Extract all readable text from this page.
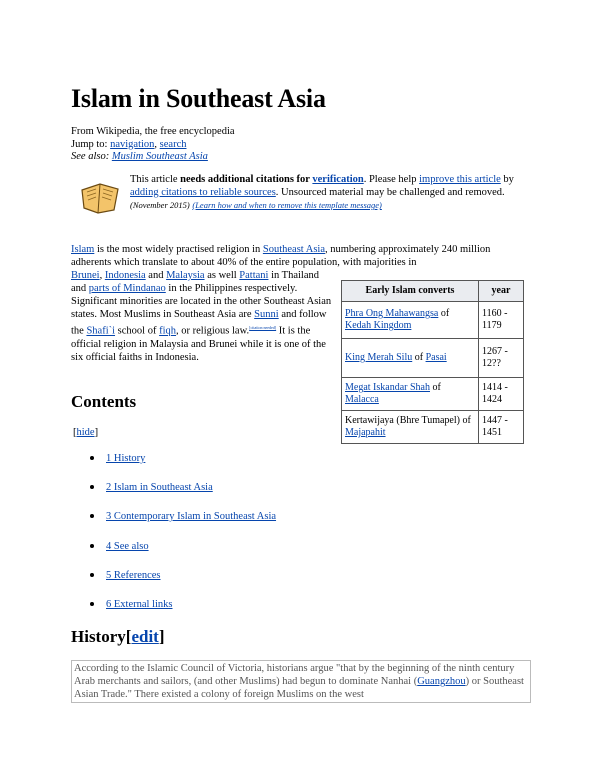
Islam in Southeast Asia
From Wikipedia, the free encyclopedia
Jump to: navigation, search
See also: Muslim Southeast Asia
This article needs additional citations for verification. Please help improve this article by adding citations to reliable sources. Unsourced material may be challenged and removed. (November 2015) (Learn how and when to remove this template message)
Islam is the most widely practised religion in Southeast Asia, numbering approximately 240 million adherents which translate to about 40% of the entire population, with majorities in
Brunei, Indonesia and Malaysia as well Pattani in Thailand and parts of Mindanao in the Philippines respectively. Significant minorities are located in the other Southeast Asian states. Most Muslims in Southeast Asia are Sunni and follow the Shafi`i school of fiqh, or religious law.[citation needed] It is the official religion in Malaysia and Brunei while it is one of the six official faiths in Indonesia.
Early Islam converts	year
Phra Ong Mahawangsa of Kedah Kingdom	1160 - 1179
King Merah Silu of Pasai	1267 - 12??
Megat Iskandar Shah of Malacca	1414 - 1424
Kertawijaya (Bhre Tumapel) of Majapahit	1447 - 1451
Contents
[hide]
1 History
2 Islam in Southeast Asia
3 Contemporary Islam in Southeast Asia
4 See also
5 References
6 External links
History[edit]
According to the Islamic Council of Victoria, historians argue "that by the beginning of the ninth century Arab merchants and sailors, (and other Muslims) had begun to dominate Nanhai (Guangzhou) or Southeast Asian Trade." There existed a colony of foreign Muslims on the west
